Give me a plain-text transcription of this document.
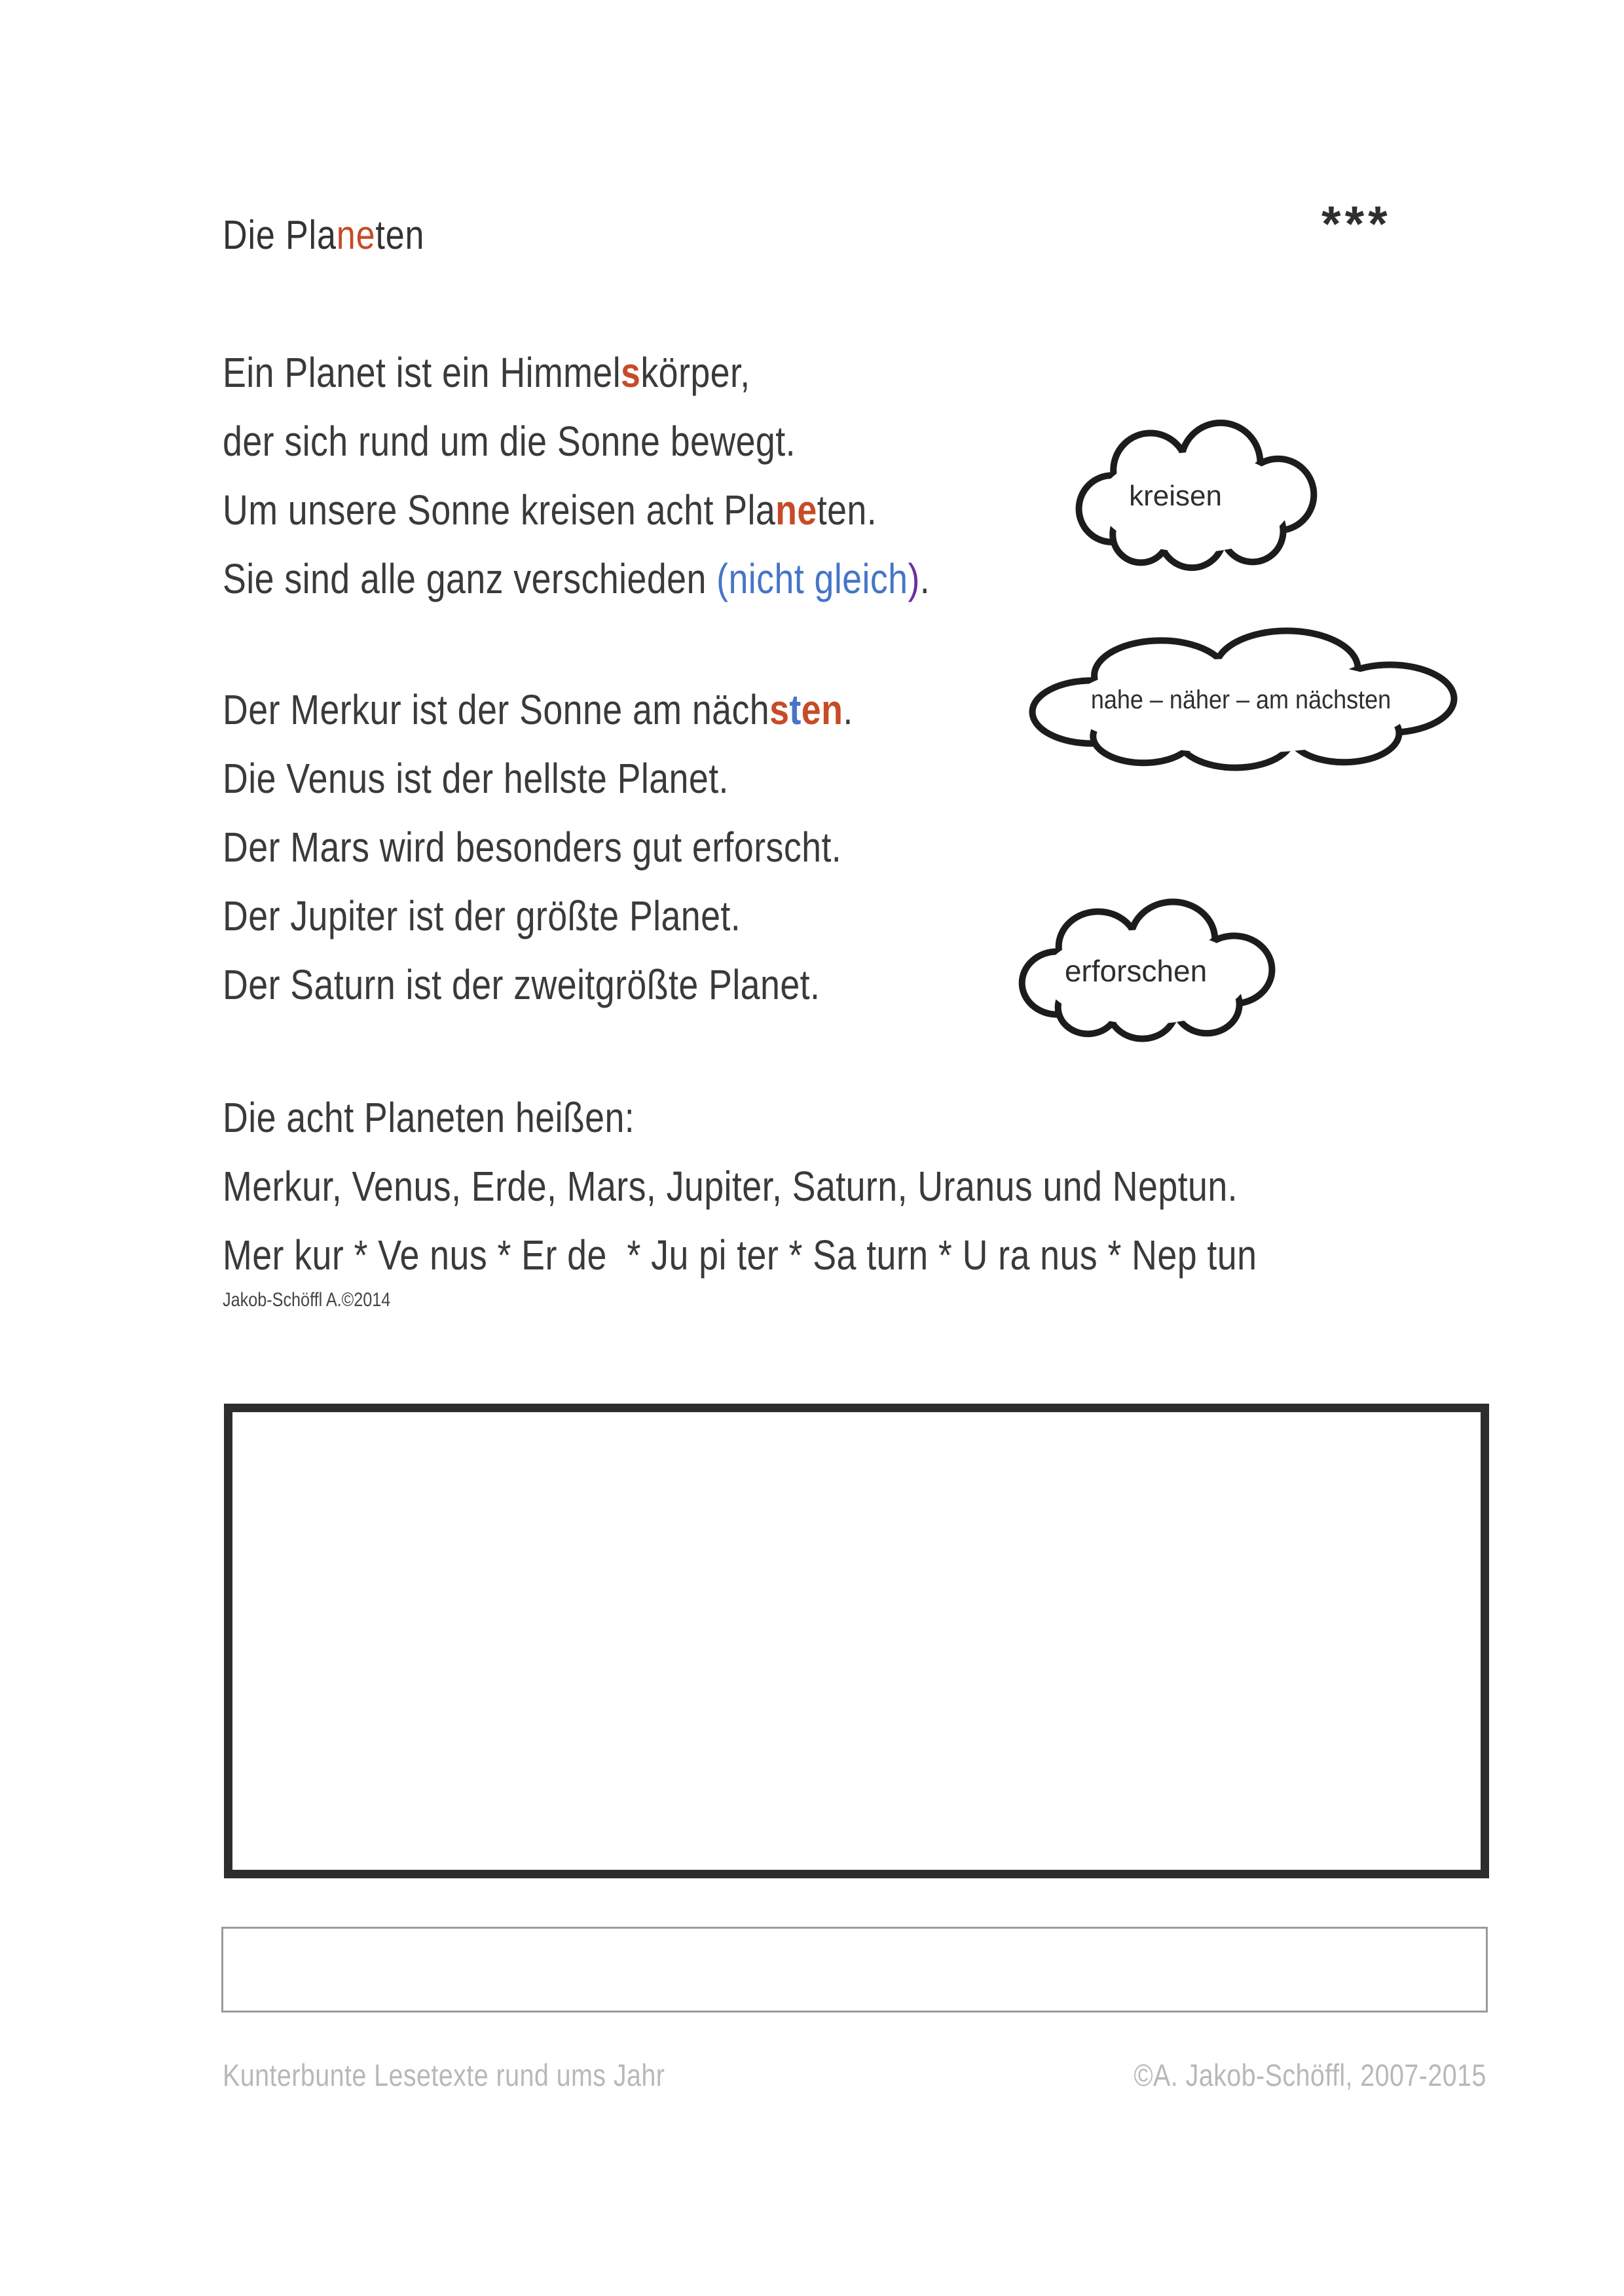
Die Planeten	***
Ein Planet ist ein Himmelskörper,
der sich rund um die Sonne bewegt.
Um unsere Sonne kreisen acht Planeten.
Sie sind alle ganz verschieden (nicht gleich).
kreisen
nahe – näher – am nächsten
Der Merkur ist der Sonne am nächsten.
Die Venus ist der hellste Planet.
Der Mars wird besonders gut erforscht.
Der Jupiter ist der größte Planet.
Der Saturn ist der zweitgrößte Planet.	erforschen
Die acht Planeten heißen:
Merkur, Venus, Erde, Mars, Jupiter, Saturn, Uranus und Neptun.
Mer kur * Ve nus * Er de  * Ju pi ter * Sa turn * U ra nus * Nep tun
Jakob-Schöffl A.©2014
Kunterbunte Lesetexte rund ums Jahr	©A. Jakob-Schöffl, 2007-2015
